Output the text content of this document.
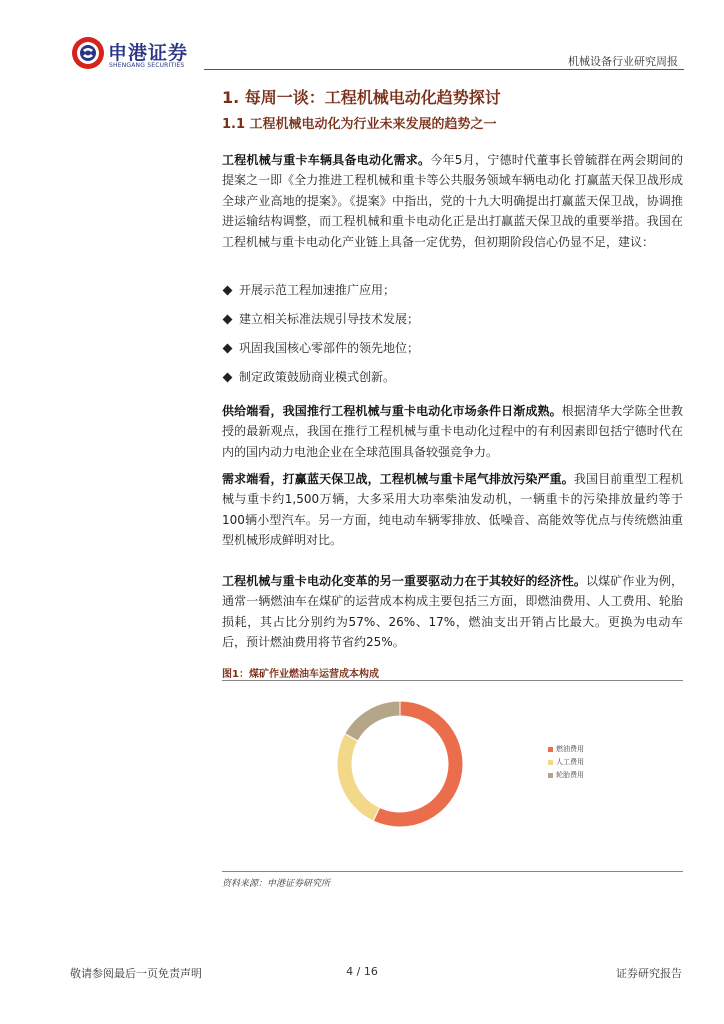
申港证券
SHENGANG SECURITIES	机械设备行业研究周报
1. 每周一谈：工程机械电动化趋势探讨
1.1 工程机械电动化为行业未来发展的趋势之一
工程机械与重卡车辆具备电动化需求。今年5月，宁德时代董事长曾毓群在两会期间的提案之一即《全力推进工程机械和重卡等公共服务领域车辆电动化 打赢蓝天保卫战形成全球产业高地的提案》。《提案》中指出，党的十九大明确提出打赢蓝天保卫战，协调推进运输结构调整，而工程机械和重卡电动化正是出打赢蓝天保卫战的重要举措。我国在工程机械与重卡电动化产业链上具备一定优势，但初期阶段信心仍显不足，建议：
开展示范工程加速推广应用；
建立相关标准法规引导技术发展；
巩固我国核心零部件的领先地位；
制定政策鼓励商业模式创新。
供给端看，我国推行工程机械与重卡电动化市场条件日渐成熟。根据清华大学陈全世教授的最新观点，我国在推行工程机械与重卡电动化过程中的有利因素即包括宁德时代在内的国内动力电池企业在全球范围具备较强竞争力。
需求端看，打赢蓝天保卫战，工程机械与重卡尾气排放污染严重。我国目前重型工程机械与重卡约1,500万辆，大多采用大功率柴油发动机，一辆重卡的污染排放量约等于100辆小型汽车。另一方面，纯电动车辆零排放、低噪音、高能效等优点与传统燃油重型机械形成鲜明对比。
工程机械与重卡电动化变革的另一重要驱动力在于其较好的经济性。以煤矿作业为例，通常一辆燃油车在煤矿的运营成本构成主要包括三方面，即燃油费用、人工费用、轮胎损耗，其占比分别约为57%、26%、17%，燃油支出开销占比最大。更换为电动车后，预计燃油费用将节省约25%。
图1：煤矿作业燃油车运营成本构成
燃油费用
人工费用
轮胎费用
资料来源：申港证券研究所
敬请参阅最后一页免责声明	4 / 16	证券研究报告
